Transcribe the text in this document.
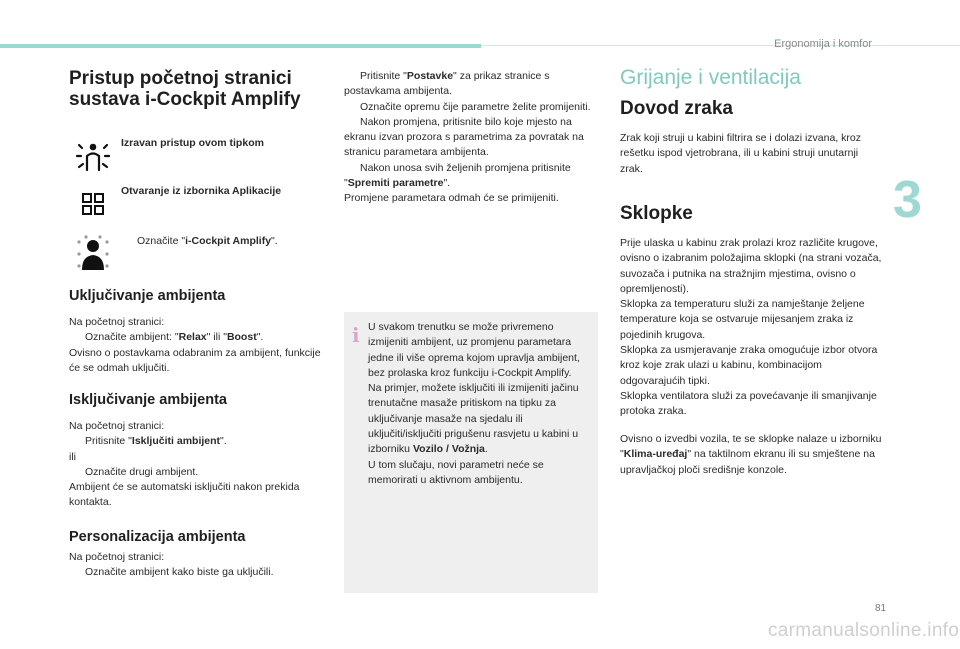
Ergonomija i komfor
3
81
Pristup početnoj stranici sustava i-Cockpit Amplify
Izravan pristup ovom tipkom
Otvaranje iz izbornika Aplikacije
Označite "i-Cockpit Amplify".
Uključivanje ambijenta

Na početnoj stranici:

Označite ambijent: "Relax" ili "Boost".

Ovisno o postavkama odabranim za ambijent, funkcije će se odmah uključiti.

Isključivanje ambijenta

Na početnoj stranici:

Pritisnite "Isključiti ambijent".

ili

Označite drugi ambijent.

Ambijent će se automatski isključiti nakon prekida kontakta.

Personalizacija ambijenta

Na početnoj stranici:

Označite ambijent kako biste ga uključili.

Pritisnite "Postavke" za prikaz stranice s postavkama ambijenta.

Označite opremu čije parametre želite promijeniti.

Nakon promjena, pritisnite bilo koje mjesto na ekranu izvan prozora s parametrima za povratak na stranicu parametara ambijenta.

Nakon unosa svih željenih promjena pritisnite "Spremiti parametre".

Promjene parametara odmah će se primijeniti.

i U svakom trenutku se može privremeno izmijeniti ambijent, uz promjenu parametara jedne ili više oprema kojom upravlja ambijent, bez prolaska kroz funkciju i-Cockpit Amplify.

Na primjer, možete isključiti ili izmijeniti jačinu trenutačne masaže pritiskom na tipku za uključivanje masaže na sjedalu ili uključiti/isključiti prigušenu rasvjetu u kabini u izborniku Vozilo / Vožnja.

U tom slučaju, novi parametri neće se memorirati u aktivnom ambijentu.

Grijanje i ventilacija
Dovod zraka

Zrak koji struji u kabini filtrira se i dolazi izvana, kroz rešetku ispod vjetrobrana, ili u kabini struji unutarnji zrak.

Sklopke

Prije ulaska u kabinu zrak prolazi kroz različite krugove, ovisno o izabranim položajima sklopki (na strani vozača, suvozača i putnika na stražnjim mjestima, ovisno o opremljenosti).

Sklopka za temperaturu služi za namještanje željene temperature koja se ostvaruje mijesanjem zraka iz pojedinih krugova.

Sklopka za usmjeravanje zraka omogućuje izbor otvora kroz koje zrak ulazi u kabinu, kombinacijom odgovarajućih tipki.

Sklopka ventilatora služi za povećavanje ili smanjivanje protoka zraka.

Ovisno o izvedbi vozila, te se sklopke nalaze u izborniku "Klima-uređaj" na taktilnom ekranu ili su smještene na upravljačkoj ploči središnje konzole.

carmanualsonline.info
